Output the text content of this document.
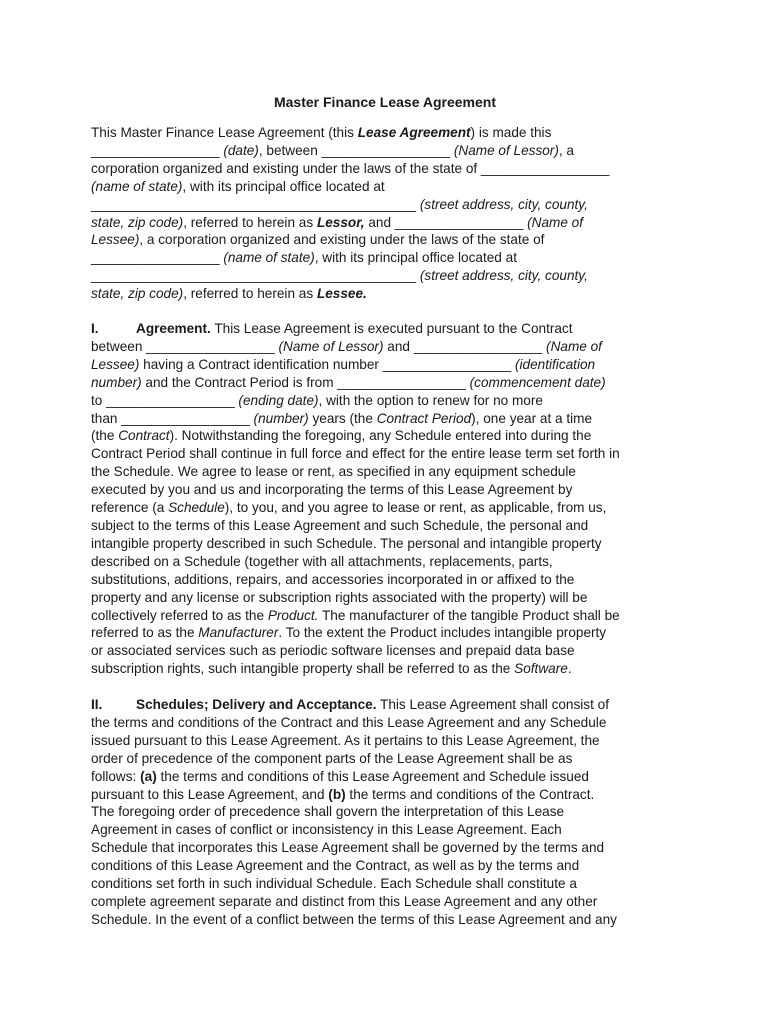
Master Finance Lease Agreement
This Master Finance Lease Agreement (this Lease Agreement) is made this
_________________ (date), between _________________ (Name of Lessor), a
corporation organized and existing under the laws of the state of _________________
(name of state), with its principal office located at
___________________________________________ (street address, city, county,
state, zip code), referred to herein as Lessor, and _________________ (Name of
Lessee), a corporation organized and existing under the laws of the state of
_________________ (name of state), with its principal office located at
___________________________________________ (street address, city, county,
state, zip code), referred to herein as Lessee.
I.	Agreement. This Lease Agreement is executed pursuant to the Contract
between _________________ (Name of Lessor) and _________________ (Name of
Lessee) having a Contract identification number _________________ (identification
number) and the Contract Period is from _________________ (commencement date)
to _________________ (ending date), with the option to renew for no more
than _________________ (number) years (the Contract Period), one year at a time
(the Contract). Notwithstanding the foregoing, any Schedule entered into during the
Contract Period shall continue in full force and effect for the entire lease term set forth in
the Schedule. We agree to lease or rent, as specified in any equipment schedule
executed by you and us and incorporating the terms of this Lease Agreement by
reference (a Schedule), to you, and you agree to lease or rent, as applicable, from us,
subject to the terms of this Lease Agreement and such Schedule, the personal and
intangible property described in such Schedule. The personal and intangible property
described on a Schedule (together with all attachments, replacements, parts,
substitutions, additions, repairs, and accessories incorporated in or affixed to the
property and any license or subscription rights associated with the property) will be
collectively referred to as the Product. The manufacturer of the tangible Product shall be
referred to as the Manufacturer. To the extent the Product includes intangible property
or associated services such as periodic software licenses and prepaid data base
subscription rights, such intangible property shall be referred to as the Software.
II. Schedules; Delivery and Acceptance. This Lease Agreement shall consist of
the terms and conditions of the Contract and this Lease Agreement and any Schedule
issued pursuant to this Lease Agreement. As it pertains to this Lease Agreement, the
order of precedence of the component parts of the Lease Agreement shall be as
follows: (a) the terms and conditions of this Lease Agreement and Schedule issued
pursuant to this Lease Agreement, and (b) the terms and conditions of the Contract.
The foregoing order of precedence shall govern the interpretation of this Lease
Agreement in cases of conflict or inconsistency in this Lease Agreement. Each
Schedule that incorporates this Lease Agreement shall be governed by the terms and
conditions of this Lease Agreement and the Contract, as well as by the terms and
conditions set forth in such individual Schedule. Each Schedule shall constitute a
complete agreement separate and distinct from this Lease Agreement and any other
Schedule. In the event of a conflict between the terms of this Lease Agreement and any
